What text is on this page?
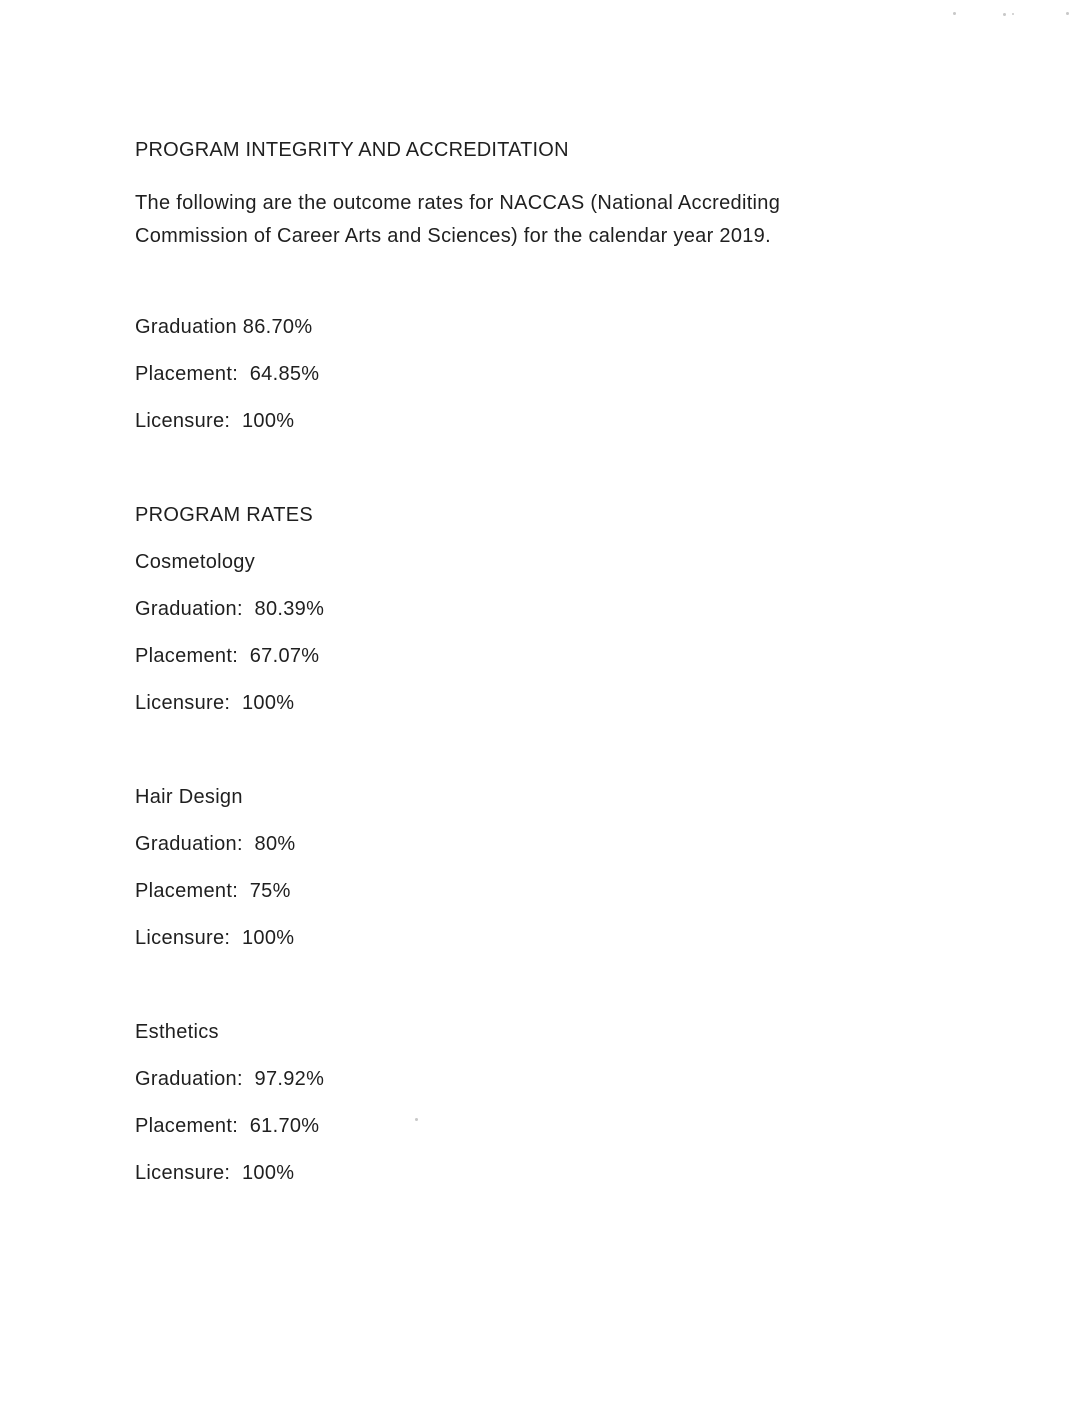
PROGRAM INTEGRITY AND ACCREDITATION
The following are the outcome rates for NACCAS (National Accrediting
Commission of Career Arts and Sciences) for the calendar year 2019.
Graduation 86.70%
Placement:  64.85%
Licensure:  100%
PROGRAM RATES
Cosmetology
Graduation:  80.39%
Placement:  67.07%
Licensure:  100%
Hair Design
Graduation:  80%
Placement:  75%
Licensure:  100%
Esthetics
Graduation:  97.92%
Placement:  61.70%
Licensure:  100%
